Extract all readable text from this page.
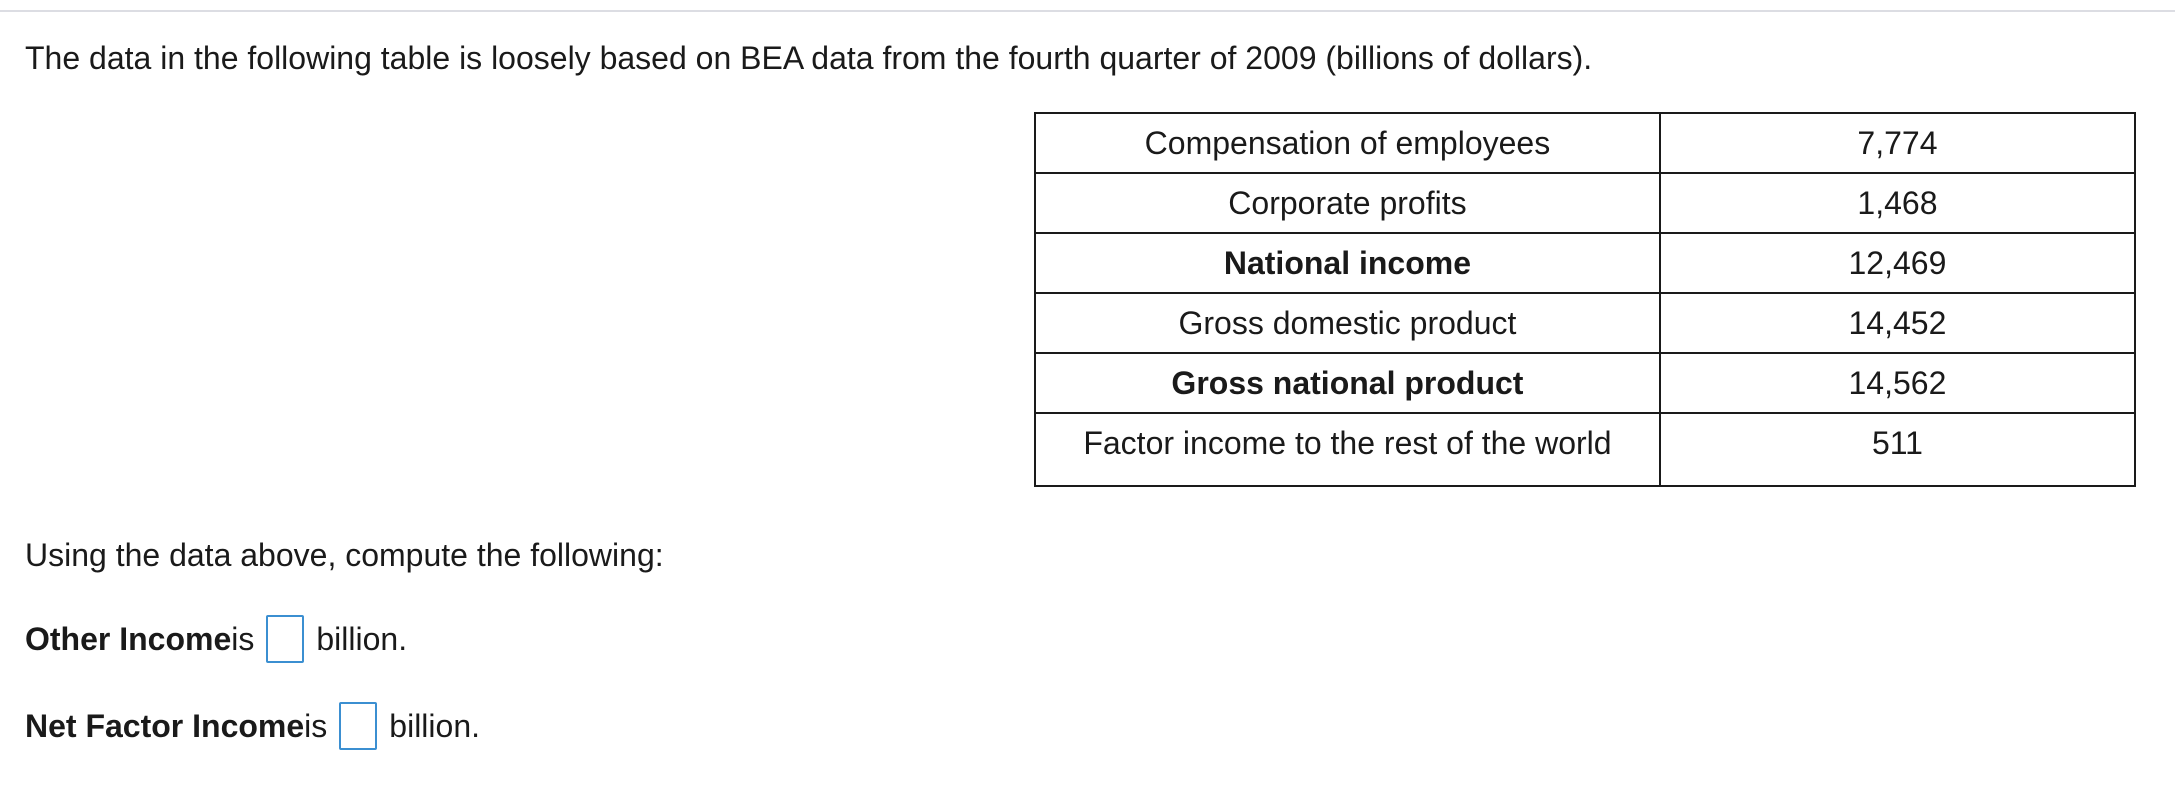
The data in the following table is loosely based on BEA data from the fourth quarter of 2009 (billions of dollars).
Compensation of employees	7,774
Corporate profits	1,468
National income	12,469
Gross domestic product	14,452
Gross national product	14,562
Factor income to the rest of the world	511
Using the data above, compute the following:
Other Income is billion.
Net Factor Income is billion.
